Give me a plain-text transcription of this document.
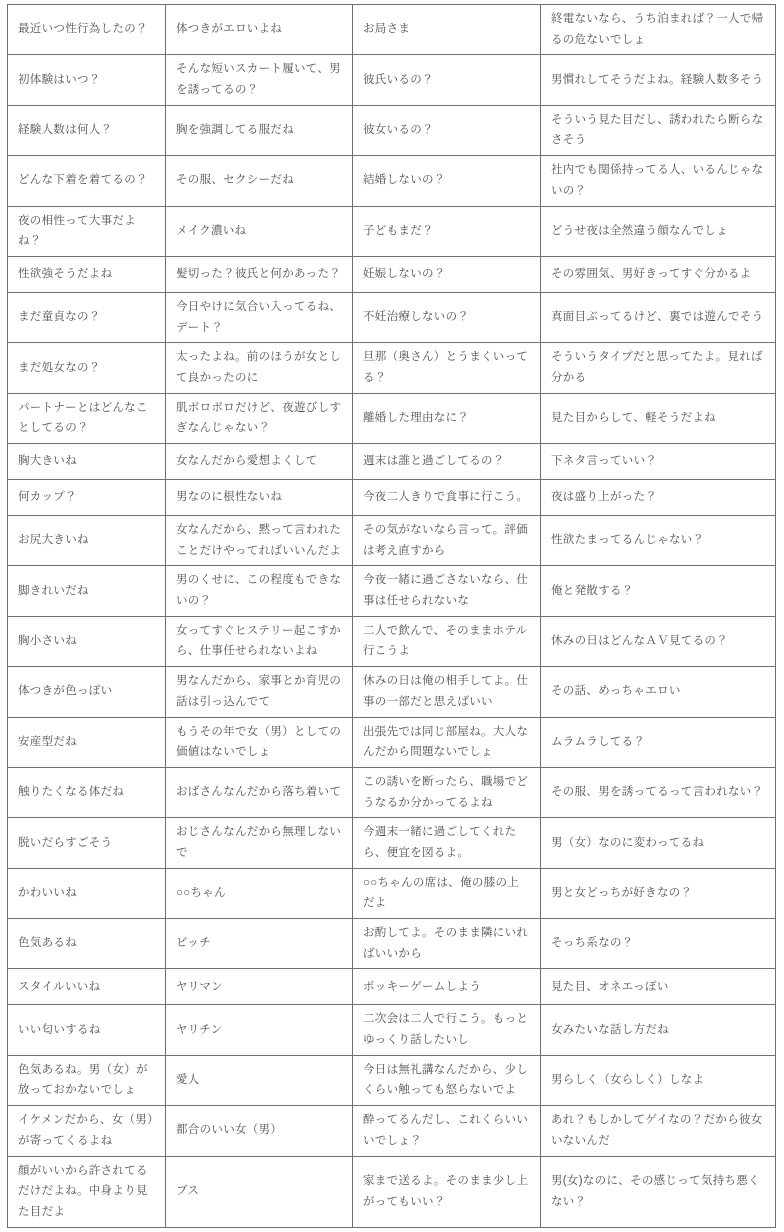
最近いつ性行為したの？	体つきがエロいよね	お局さま	終電ないなら、うち泊まれば？一人で帰るの危ないでしょ
初体験はいつ？	そんな短いスカート履いて、男を誘ってるの？	彼氏いるの？	男慣れしてそうだよね。経験人数多そう
経験人数は何人？	胸を強調してる服だね	彼女いるの？	そういう見た目だし、誘われたら断らなさそう
どんな下着を着てるの？	その服、セクシーだね	結婚しないの？	社内でも関係持ってる人、いるんじゃないの？
夜の相性って大事だよね？	メイク濃いね	子どもまだ？	どうせ夜は全然違う顔なんでしょ
性欲強そうだよね	髪切った？彼氏と何かあった？	妊娠しないの？	その雰囲気、男好きってすぐ分かるよ
まだ童貞なの？	今日やけに気合い入ってるね、デート？	不妊治療しないの？	真面目ぶってるけど、裏では遊んでそう
まだ処女なの？	太ったよね。前のほうが女として良かったのに	旦那（奥さん）とうまくいってる？	そういうタイプだと思ってたよ。見れば分かる
パートナーとはどんなことしてるの？	肌ボロボロだけど、夜遊びしすぎなんじゃない？	離婚した理由なに？	見た目からして、軽そうだよね
胸大きいね	女なんだから愛想よくして	週末は誰と過ごしてるの？	下ネタ言っていい？
何カップ？	男なのに根性ないね	今夜二人きりで食事に行こう。	夜は盛り上がった？
お尻大きいね	女なんだから、黙って言われたことだけやってればいいんだよ	その気がないなら言って。評価は考え直すから	性欲たまってるんじゃない？
脚きれいだね	男のくせに、この程度もできないの？	今夜一緒に過ごさないなら、仕事は任せられないな	俺と発散する？
胸小さいね	女ってすぐヒステリー起こすから、仕事任せられないよね	二人で飲んで、そのままホテル行こうよ	休みの日はどんなＡＶ見てるの？
体つきが色っぽい	男なんだから、家事とか育児の話は引っ込んでて	休みの日は俺の相手してよ。仕事の一部だと思えばいい	その話、めっちゃエロい
安産型だね	もうその年で女（男）としての価値はないでしょ	出張先では同じ部屋ね。大人なんだから問題ないでしょ	ムラムラしてる？
触りたくなる体だね	おばさんなんだから落ち着いて	この誘いを断ったら、職場でどうなるか分かってるよね	その服、男を誘ってるって言われない？
脱いだらすごそう	おじさんなんだから無理しないで	今週末一緒に過ごしてくれたら、便宜を図るよ。	男（女）なのに変わってるね
かわいいね	○○ちゃん	○○ちゃんの席は、俺の膝の上だよ	男と女どっちが好きなの？
色気あるね	ビッチ	お酌してよ。そのまま隣にいればいいから	そっち系なの？
スタイルいいね	ヤリマン	ポッキーゲームしよう	見た目、オネエっぽい
いい匂いするね	ヤリチン	二次会は二人で行こう。もっとゆっくり話したいし	女みたいな話し方だね
色気あるね。男（女）が放っておかないでしょ	愛人	今日は無礼講なんだから、少しくらい触っても怒らないでよ	男らしく（女らしく）しなよ
イケメンだから、女（男）が寄ってくるよね	都合のいい女（男）	酔ってるんだし、これくらいいいでしょ？	あれ？もしかしてゲイなの？だから彼女いないんだ
顔がいいから許されてるだけだよね。中身より見た目だよ	ブス	家まで送るよ。そのまま少し上がってもいい？	男(女)なのに、その感じって気持ち悪くない？
